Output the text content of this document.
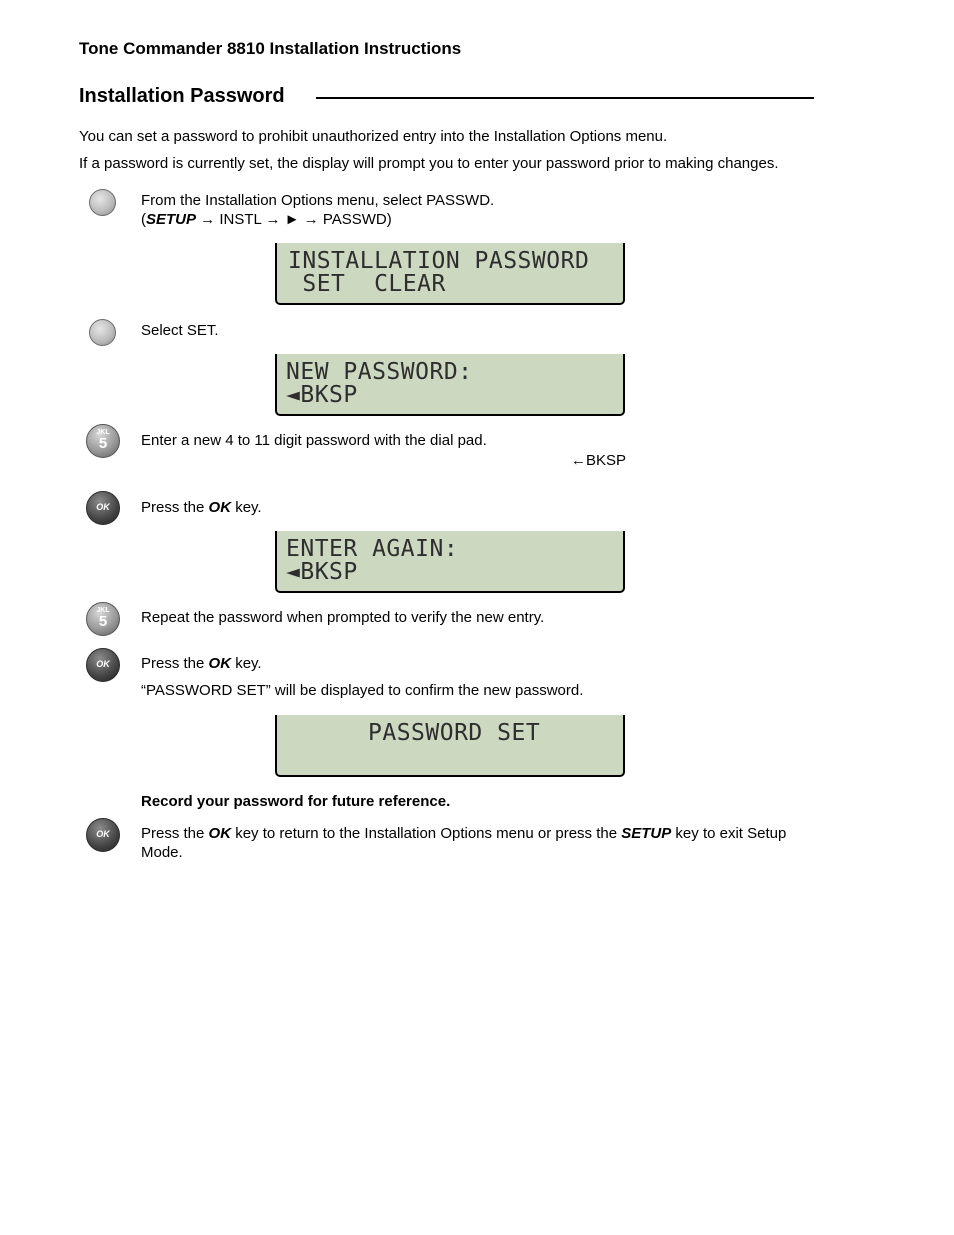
Tone Commander 8810 Installation Instructions
Installation Password
You can set a password to prohibit unauthorized entry into the Installation Options menu.
If a password is currently set, the display will prompt you to enter your password prior to making changes.
From the Installation Options menu, select PASSWD.
(SETUP → INSTL → ► → PASSWD)
INSTALLATION PASSWORD
SET  CLEAR
Select SET.
NEW PASSWORD:
◄BKSP
JKL
5	Enter a new 4 to 11 digit password with the dial pad.
←BKSP
OK	Press the OK key.
ENTER AGAIN:
◄BKSP
JKL
5	Repeat the password when prompted to verify the new entry.
OK	Press the OK key.
“PASSWORD SET” will be displayed to confirm the new password.
PASSWORD SET
Record your password for future reference.
OK	Press the OK key to return to the Installation Options menu or press the SETUP key to exit Setup
Mode.
